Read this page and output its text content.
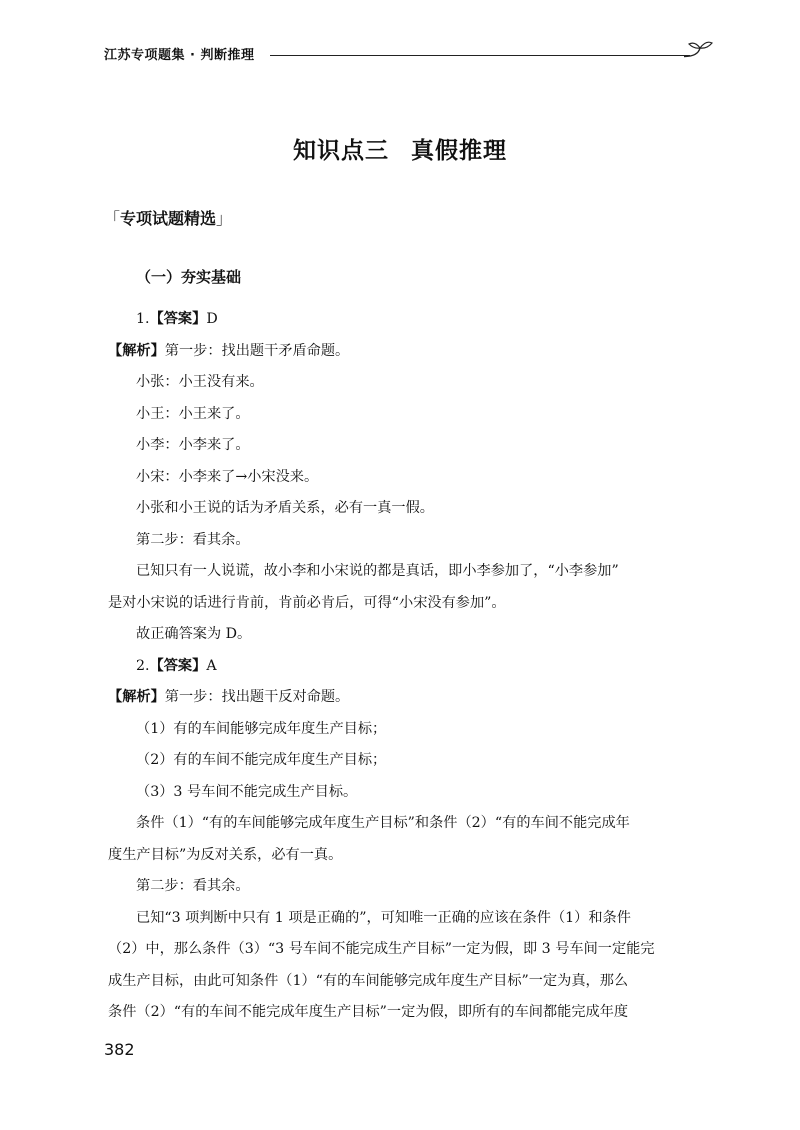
江苏专项题集 · 判断推理
知识点三 真假推理
「专项试题精选」
（一）夯实基础
1.【答案】D
【解析】第一步：找出题干矛盾命题。
小张：小王没有来。
小王：小王来了。
小李：小李来了。
小宋：小李来了→小宋没来。
小张和小王说的话为矛盾关系，必有一真一假。
第二步：看其余。
已知只有一人说谎，故小李和小宋说的都是真话，即小李参加了，“小李参加”
是对小宋说的话进行肯前，肯前必肯后，可得“小宋没有参加”。
故正确答案为 D。
2.【答案】A
【解析】第一步：找出题干反对命题。
（1）有的车间能够完成年度生产目标；
（2）有的车间不能完成年度生产目标；
（3）3 号车间不能完成生产目标。
条件（1）“有的车间能够完成年度生产目标”和条件（2）“有的车间不能完成年
度生产目标”为反对关系，必有一真。
第二步：看其余。
已知“3 项判断中只有 1 项是正确的”，可知唯一正确的应该在条件（1）和条件
（2）中，那么条件（3）“3 号车间不能完成生产目标”一定为假，即 3 号车间一定能完
成生产目标，由此可知条件（1）“有的车间能够完成年度生产目标”一定为真，那么
条件（2）“有的车间不能完成年度生产目标”一定为假，即所有的车间都能完成年度
382
